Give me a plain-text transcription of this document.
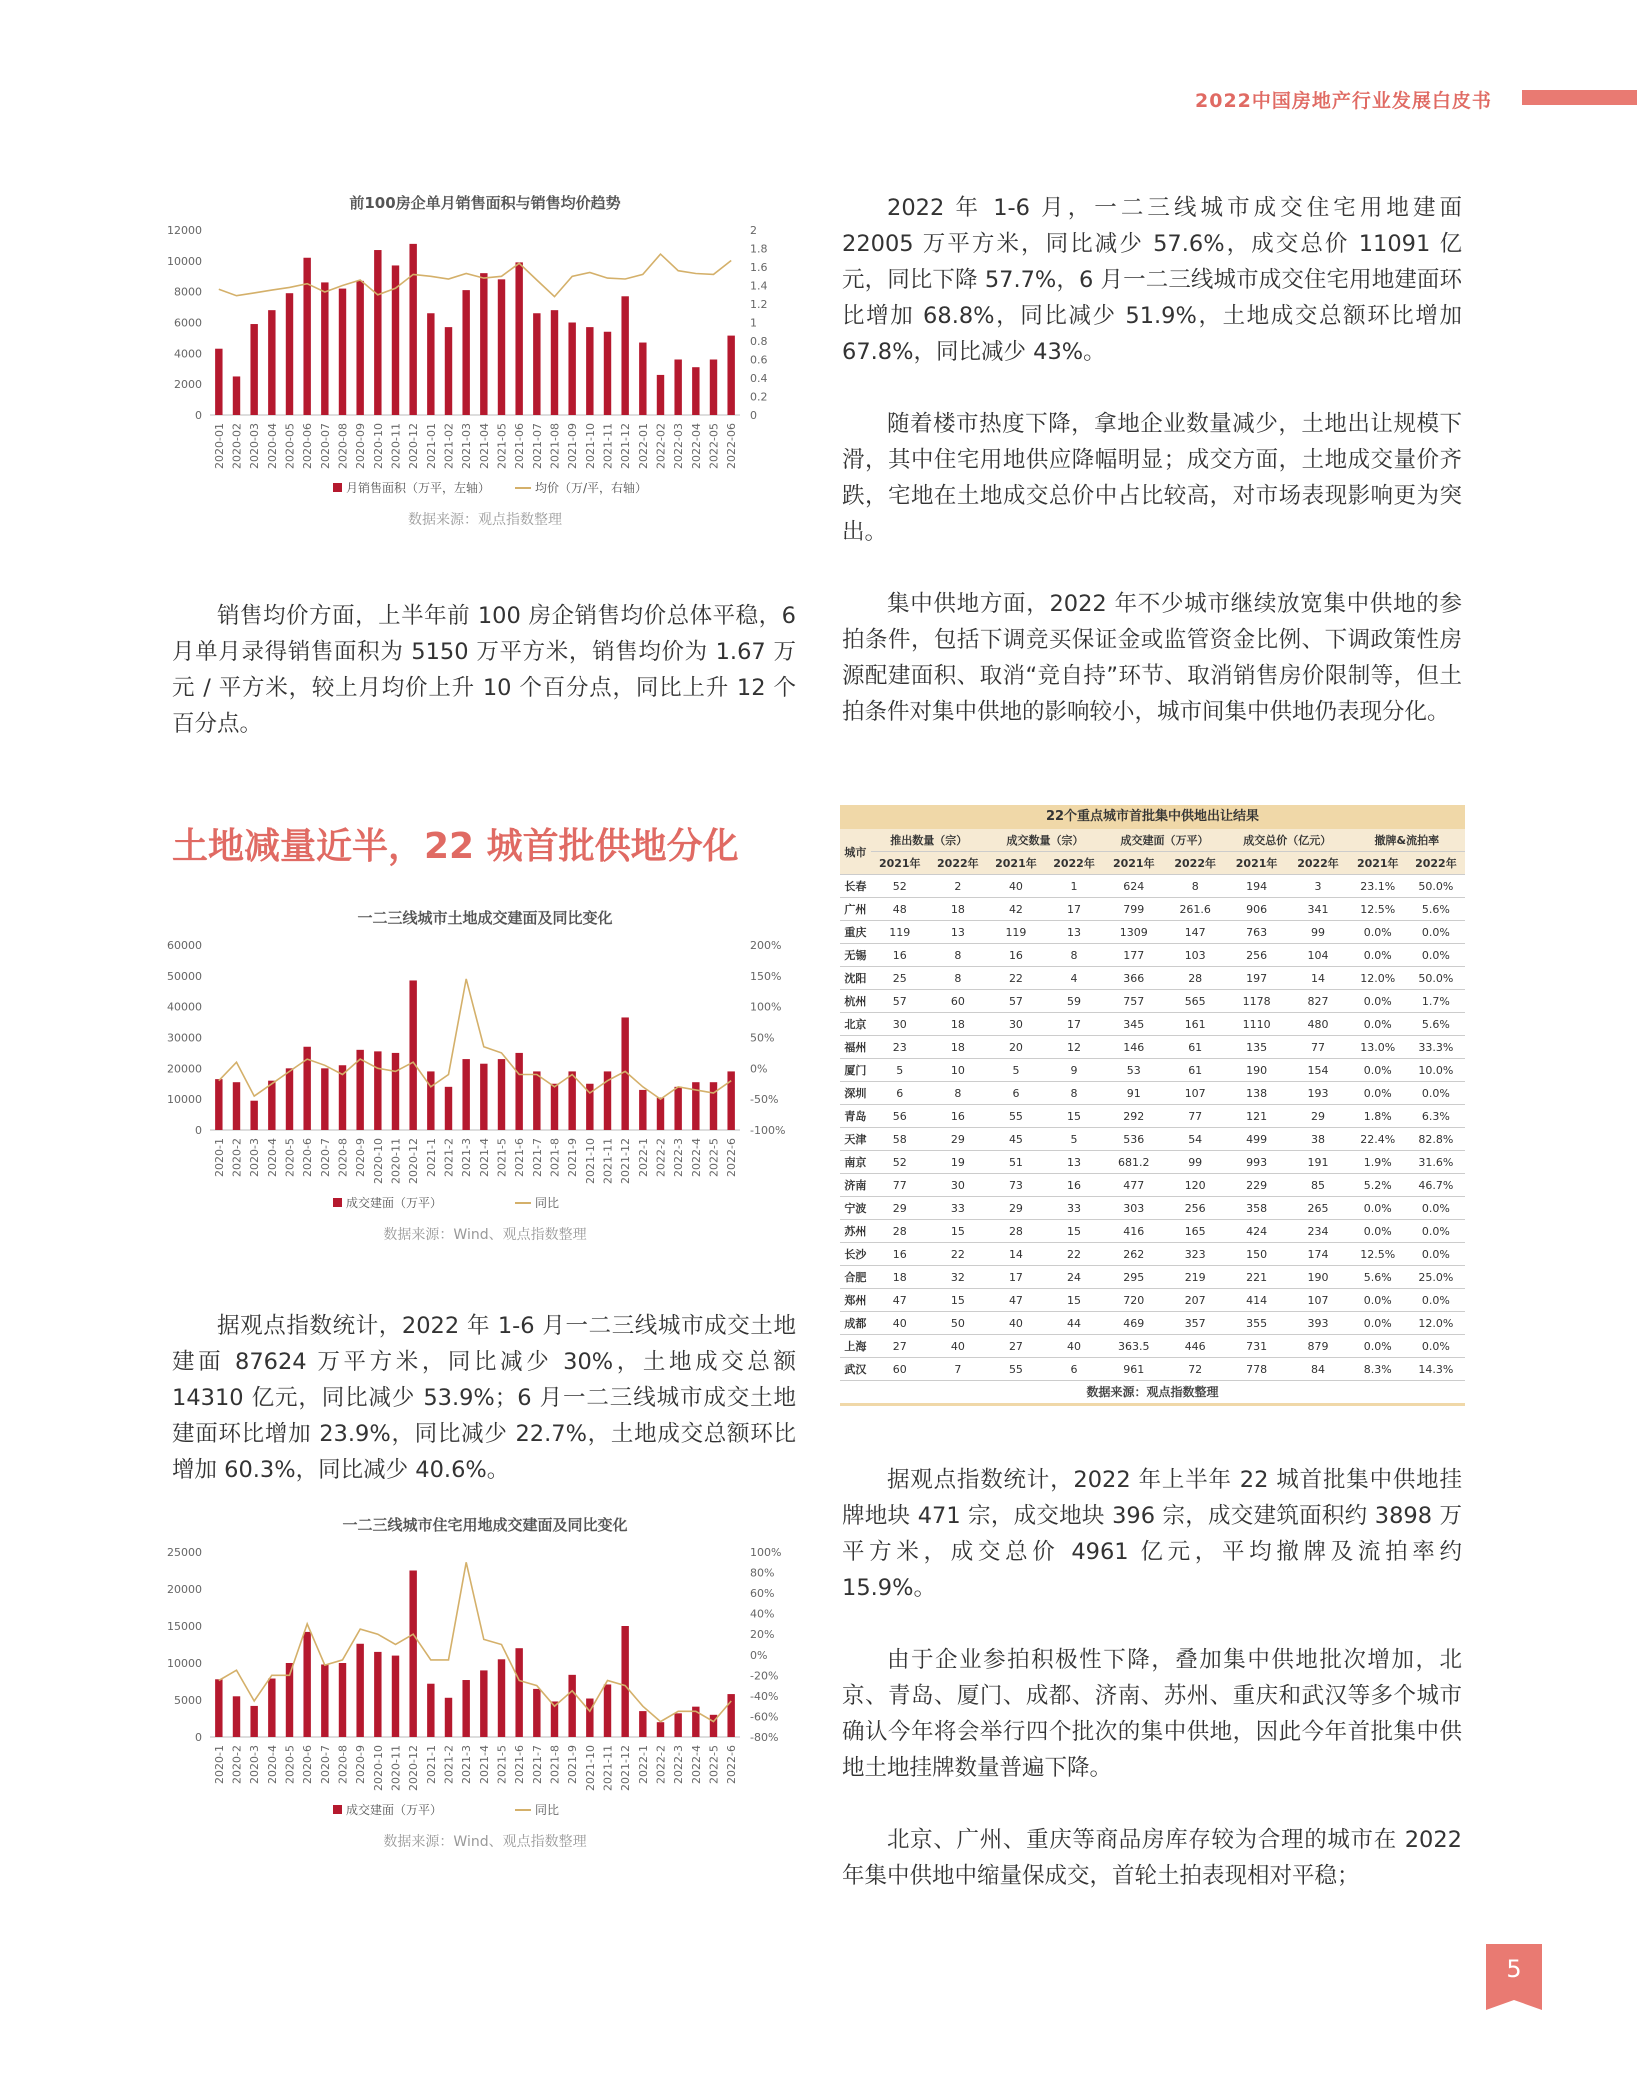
2022中国房地产行业发展白皮书
前100房企单月销售面积与销售均价趋势
0
2000
4000
6000
8000
10000
12000
0
0.2
0.4
0.6
0.8
1
1.2
1.4
1.6
1.8
2
2020-01 2020-02 2020-03 2020-04 2020-05 2020-06 2020-07 2020-08 2020-09 2020-10 2020-11 2020-12 2021-01 2021-02 2021-03 2021-04 2021-05 2021-06 2021-07 2021-08 2021-09 2021-10 2021-11 2021-12 2022-01 2022-02 2022-03 2022-04 2022-05 2022-06
月销售面积（万平，左轴）	均价（万/平，右轴）
数据来源：观点指数整理

销售均价方面，上半年前 100 房企销售均价总体平稳，6 月单月录得销售面积为 5150 万平方米，销售均价为 1.67 万元 / 平方米，较上月均价上升 10 个百分点，同比上升 12 个百分点。

土地减量近半，22 城首批供地分化
一二三线城市土地成交建面及同比变化
0
10000
20000
30000
40000
50000
60000
-100%
-50%
0%
50%
100%
150%
200%
2020-1 2020-2 2020-3 2020-4 2020-5 2020-6 2020-7 2020-8 2020-9 2020-10 2020-11 2020-12 2021-1 2021-2 2021-3 2021-4 2021-5 2021-6 2021-7 2021-8 2021-9 2021-10 2021-11 2021-12 2022-1 2022-2 2022-3 2022-4 2022-5 2022-6
成交建面（万平）	同比
数据来源：Wind、观点指数整理

据观点指数统计，2022 年 1-6 月一二三线城市成交土地建面 87624 万平方米，同比减少 30%，土地成交总额 14310 亿元，同比减少 53.9%；6 月一二三线城市成交土地建面环比增加 23.9%，同比减少 22.7%，土地成交总额环比增加 60.3%，同比减少 40.6%。

一二三线城市住宅用地成交建面及同比变化
0
5000
10000
15000
20000
25000
-80%
-60%
-40%
-20%
0%
20%
40%
60%
80%
100%
2020-1 2020-2 2020-3 2020-4 2020-5 2020-6 2020-7 2020-8 2020-9 2020-10 2020-11 2020-12 2021-1 2021-2 2021-3 2021-4 2021-5 2021-6 2021-7 2021-8 2021-9 2021-10 2021-11 2021-12 2022-1 2022-2 2022-3 2022-4 2022-5 2022-6
成交建面（万平）	同比
数据来源：Wind、观点指数整理

2022 年 1-6 月，一二三线城市成交住宅用地建面 22005 万平方米，同比减少 57.6%，成交总价 11091 亿元，同比下降 57.7%，6 月一二三线城市成交住宅用地建面环比增加 68.8%，同比减少 51.9%，土地成交总额环比增加 67.8%，同比减少 43%。

随着楼市热度下降，拿地企业数量减少，土地出让规模下滑，其中住宅用地供应降幅明显；成交方面，土地成交量价齐跌，宅地在土地成交总价中占比较高，对市场表现影响更为突出。

集中供地方面，2022 年不少城市继续放宽集中供地的参拍条件，包括下调竞买保证金或监管资金比例、下调政策性房源配建面积、取消“竞自持”环节、取消销售房价限制等，但土拍条件对集中供地的影响较小，城市间集中供地仍表现分化。

22个重点城市首批集中供地出让结果
城市	推出数量（宗）		成交数量（宗）		成交建面（万平）		成交总价（亿元）		撤牌&流拍率	
	2021年	2022年	2021年	2022年	2021年	2022年	2021年	2022年	2021年	2022年
长春	52	2	40	1	624	8	194	3	23.1%	50.0%
广州	48	18	42	17	799	261.6	906	341	12.5%	5.6%
重庆	119	13	119	13	1309	147	763	99	0.0%	0.0%
无锡	16	8	16	8	177	103	256	104	0.0%	0.0%
沈阳	25	8	22	4	366	28	197	14	12.0%	50.0%
杭州	57	60	57	59	757	565	1178	827	0.0%	1.7%
北京	30	18	30	17	345	161	1110	480	0.0%	5.6%
福州	23	18	20	12	146	61	135	77	13.0%	33.3%
厦门	5	10	5	9	53	61	190	154	0.0%	10.0%
深圳	6	8	6	8	91	107	138	193	0.0%	0.0%
青岛	56	16	55	15	292	77	121	29	1.8%	6.3%
天津	58	29	45	5	536	54	499	38	22.4%	82.8%
南京	52	19	51	13	681.2	99	993	191	1.9%	31.6%
济南	77	30	73	16	477	120	229	85	5.2%	46.7%
宁波	29	33	29	33	303	256	358	265	0.0%	0.0%
苏州	28	15	28	15	416	165	424	234	0.0%	0.0%
长沙	16	22	14	22	262	323	150	174	12.5%	0.0%
合肥	18	32	17	24	295	219	221	190	5.6%	25.0%
郑州	47	15	47	15	720	207	414	107	0.0%	0.0%
成都	40	50	40	44	469	357	355	393	0.0%	12.0%
上海	27	40	27	40	363.5	446	731	879	0.0%	0.0%
武汉	60	7	55	6	961	72	778	84	8.3%	14.3%
数据来源：观点指数整理

据观点指数统计，2022 年上半年 22 城首批集中供地挂牌地块 471 宗，成交地块 396 宗，成交建筑面积约 3898 万平方米，成交总价 4961 亿元，平均撤牌及流拍率约 15.9%。

由于企业参拍积极性下降，叠加集中供地批次增加，北京、青岛、厦门、成都、济南、苏州、重庆和武汉等多个城市确认今年将会举行四个批次的集中供地，因此今年首批集中供地土地挂牌数量普遍下降。

北京、广州、重庆等商品房库存较为合理的城市在 2022 年集中供地中缩量保成交，首轮土拍表现相对平稳；

5
